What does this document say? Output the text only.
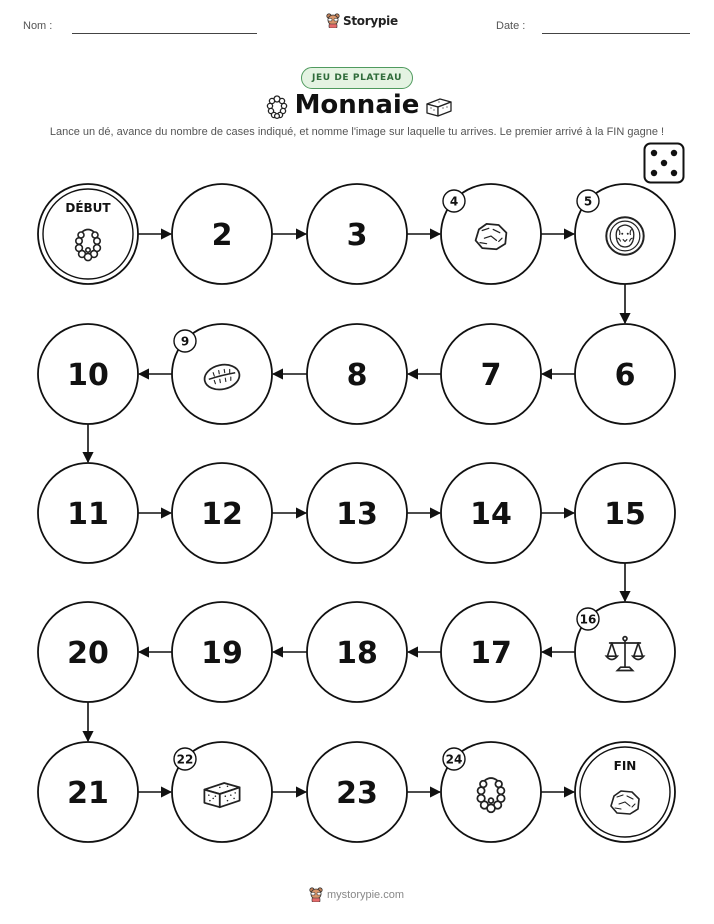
Nom :	Storypie	Date :
JEU DE PLATEAU
Monnaie
Lance un dé, avance du nombre de cases indiqué, et nomme l'image sur laquelle tu arrives. Le premier arrivé à la FIN gagne !
DÉBUT
2	3
4	5
6
7
8
9
10
11	12	13	14	15
16
17
18
19
20
21
22
23
24	FIN
mystorypie.com
